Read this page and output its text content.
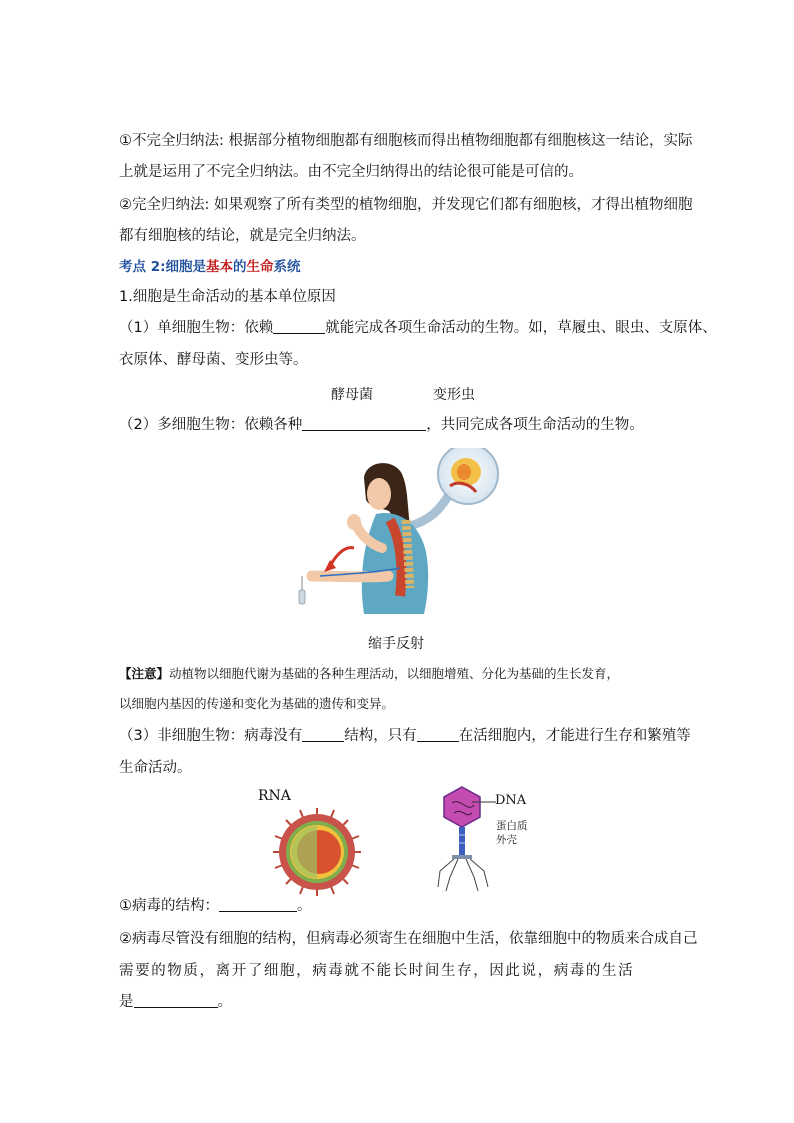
①不完全归纳法: 根据部分植物细胞都有细胞核而得出植物细胞都有细胞核这一结论，实际
上就是运用了不完全归纳法。由不完全归纳得出的结论很可能是可信的。
②完全归纳法: 如果观察了所有类型的植物细胞，并发现它们都有细胞核，才得出植物细胞
都有细胞核的结论，就是完全归纳法。
考点 2:细胞是基本的生命系统
1.细胞是生命活动的基本单位原因
（1）单细胞生物：依赖	就能完成各项生命活动的生物。如，草履虫、眼虫、支原体、
衣原体、酵母菌、变形虫等。
酵母菌	变形虫
（2）多细胞生物：依赖各种	，共同完成各项生命活动的生物。
缩手反射
【注意】动植物以细胞代谢为基础的各种生理活动，以细胞增殖、分化为基础的生长发育，
以细胞内基因的传递和变化为基础的遗传和变异。
（3）非细胞生物：病毒没有	结构，只有	在活细胞内，才能进行生存和繁殖等
生命活动。
RNA	DNA
蛋白质
外壳
①病毒的结构：	。
②病毒尽管没有细胞的结构，但病毒必须寄生在细胞中生活，依靠细胞中的物质来合成自己
需要的物质，离开了细胞，病毒就不能长时间生存，因此说，病毒的生活
是	。
